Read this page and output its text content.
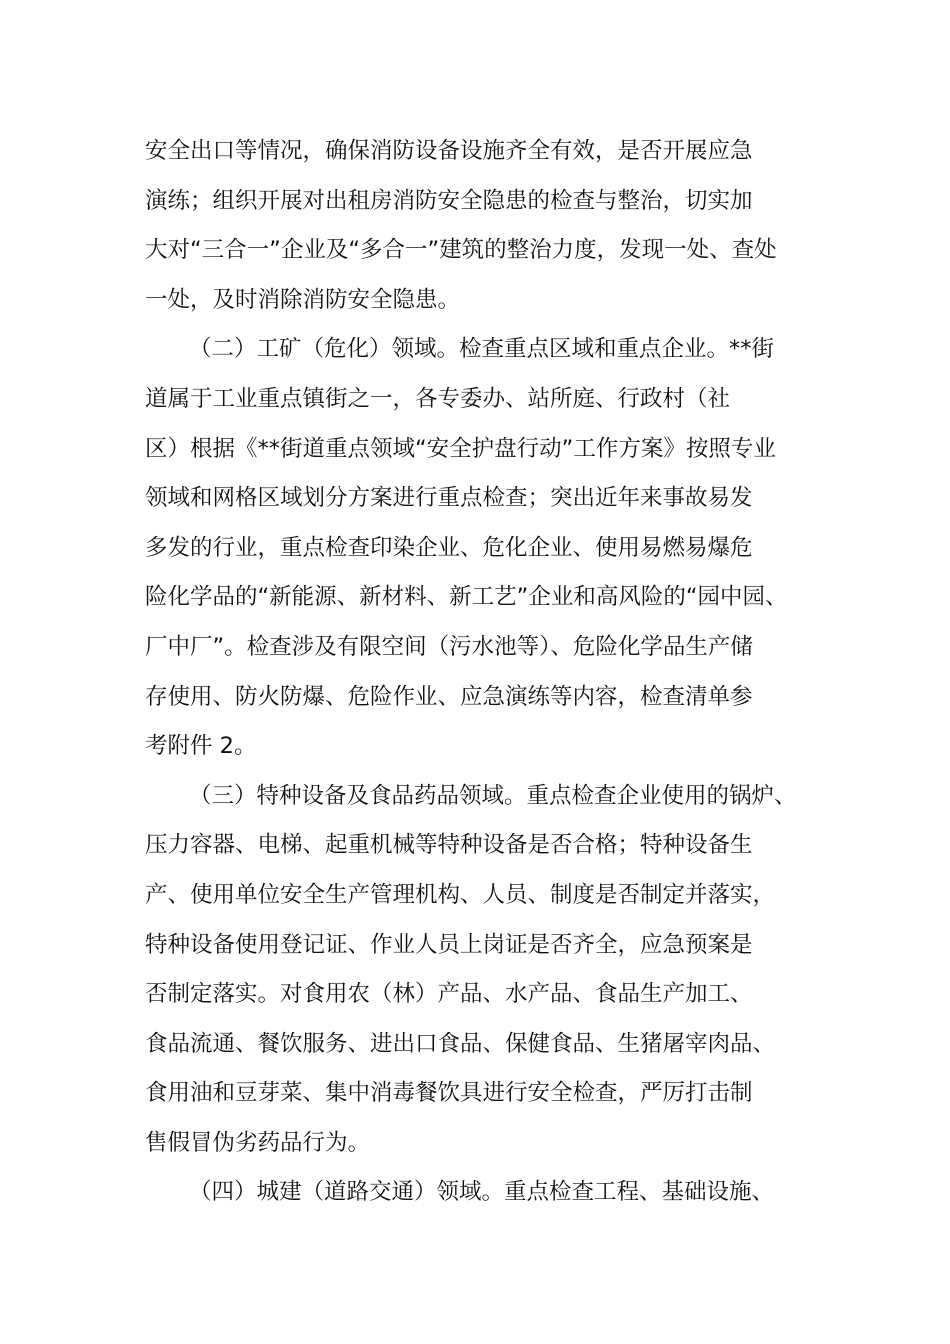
安全出口等情况，确保消防设备设施齐全有效，是否开展应急
演练；组织开展对出租房消防安全隐患的检查与整治，切实加
大对“三合一”企业及“多合一”建筑的整治力度，发现一处、查处
一处，及时消除消防安全隐患。
（二）工矿（危化）领域。检查重点区域和重点企业。**街
道属于工业重点镇街之一，各专委办、站所庭、行政村（社
区）根据《**街道重点领域“安全护盘行动”工作方案》按照专业
领域和网格区域划分方案进行重点检查；突出近年来事故易发
多发的行业，重点检查印染企业、危化企业、使用易燃易爆危
险化学品的“新能源、新材料、新工艺”企业和高风险的“园中园、
厂中厂”。检查涉及有限空间（污水池等）、危险化学品生产储
存使用、防火防爆、危险作业、应急演练等内容，检查清单参
考附件 2。
（三）特种设备及食品药品领域。重点检查企业使用的锅炉、
压力容器、电梯、起重机械等特种设备是否合格；特种设备生
产、使用单位安全生产管理机构、人员、制度是否制定并落实，
特种设备使用登记证、作业人员上岗证是否齐全，应急预案是
否制定落实。对食用农（林）产品、水产品、食品生产加工、
食品流通、餐饮服务、进出口食品、保健食品、生猪屠宰肉品、
食用油和豆芽菜、集中消毒餐饮具进行安全检查，严厉打击制
售假冒伪劣药品行为。
（四）城建（道路交通）领域。重点检查工程、基础设施、
